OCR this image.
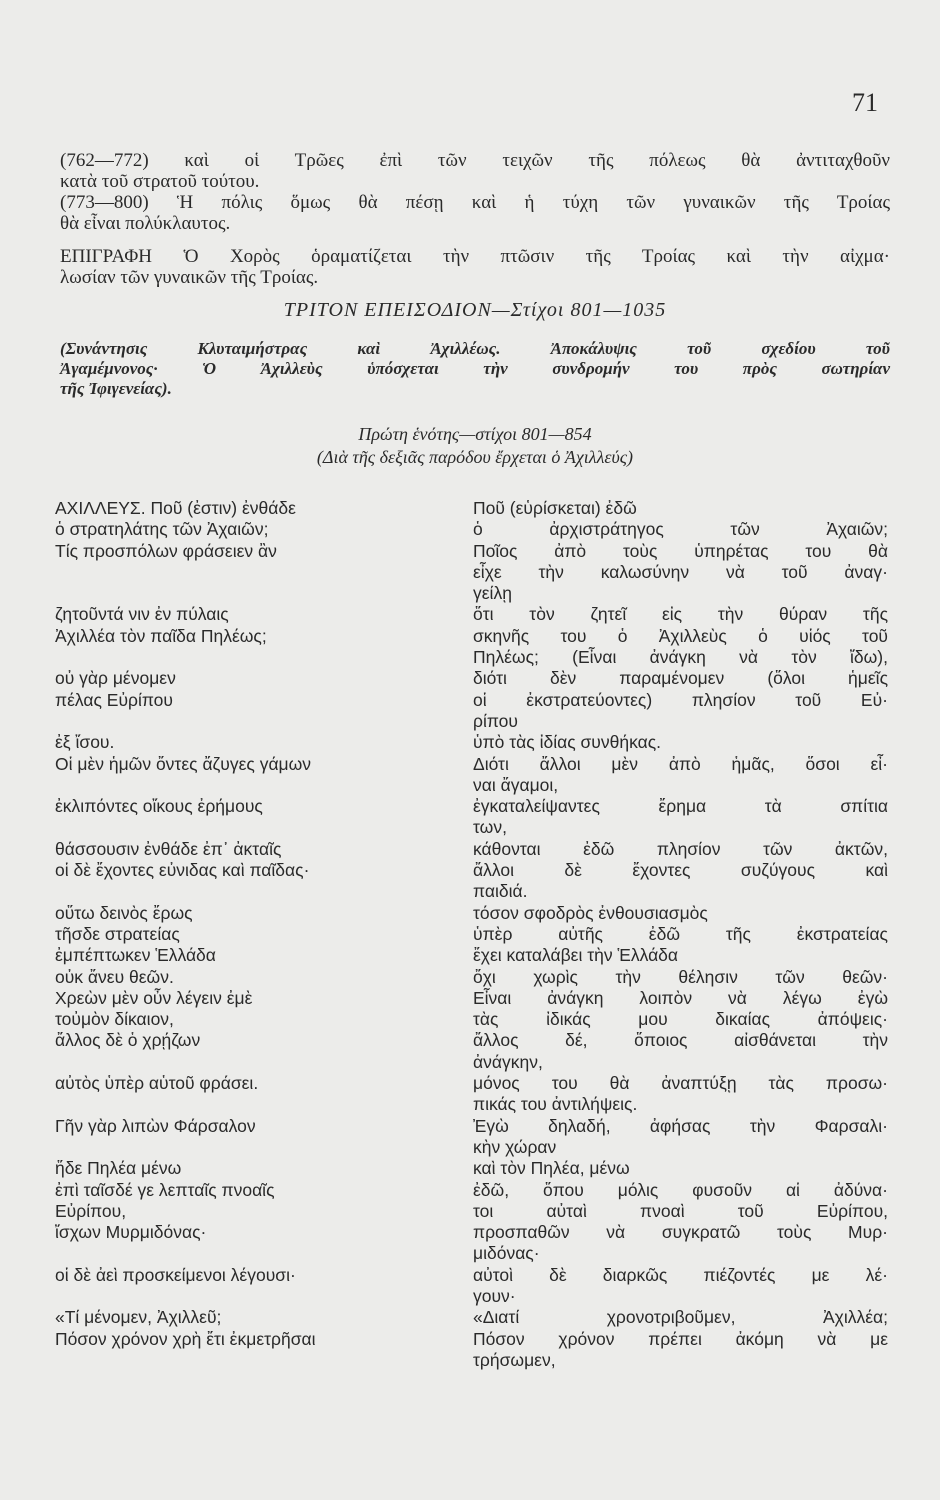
71
(762—772) καὶ οἱ Τρῶες ἐπὶ τῶν τειχῶν τῆς πόλεως θὰ ἀντιταχθοῦν
κατὰ τοῦ στρατοῦ τούτου.
(773—800) Ἡ πόλις ὅμως θὰ πέσῃ καὶ ἡ τύχη τῶν γυναικῶν τῆς Τροίας
θὰ εἶναι πολύκλαυτος.
ΕΠΙΓΡΑΦΗ Ὁ Χορὸς ὁραματίζεται τὴν πτῶσιν τῆς Τροίας καὶ τὴν αἰχμα·
λωσίαν τῶν γυναικῶν τῆς Τροίας.
ΤΡΙΤΟΝ ΕΠΕΙΣΟΔΙΟΝ—Στίχοι 801—1035
(Συνάντησις Κλυταιμήστρας καὶ Ἀχιλλέως. Ἀποκάλυψις τοῦ σχεδίου τοῦ
Ἀγαμέμνονος· Ὁ Ἀχιλλεὺς ὑπόσχεται τὴν συνδρομήν του πρὸς σωτηρίαν
τῆς Ἰφιγενείας).
Πρώτη ἑνότης—στίχοι 801—854
(Διὰ τῆς δεξιᾶς παρόδου ἔρχεται ὁ Ἀχιλλεύς)
ΑΧΙΛΛΕΥΣ. Ποῦ (ἐστιν) ἐνθάδε
ὁ στρατηλάτης τῶν Ἀχαιῶν;
Τίς προσπόλων φράσειεν ἂν
ζητοῦντά νιν ἐν πύλαις
Ἀχιλλέα τὸν παῖδα Πηλέως;
οὐ γὰρ μένομεν
πέλας Εὐρίπου
ἐξ ἴσου.
Οἱ μὲν ἡμῶν ὄντες ἄζυγες γάμων
ἐκλιπόντες οἴκους ἐρήμους
θάσσουσιν ἐνθάδε ἐπ᾽ ἀκταῖς
οἱ δὲ ἔχοντες εὐνιδας καὶ παῖδας·
οὕτω δεινὸς ἔρως
τῆσδε στρατείας
ἐμπέπτωκεν Ἑλλάδα
οὐκ ἄνευ θεῶν.
Χρεὼν μὲν οὖν λέγειν ἐμὲ
τοὐμὸν δίκαιον,
ἄλλος δὲ ὁ χρῄζων
αὐτὸς ὑπὲρ αὑτοῦ φράσει.
Γῆν γὰρ λιπὼν Φάρσαλον
ἥδε Πηλέα μένω
ἐπὶ ταῖσδέ γε λεπταῖς πνοαῖς
Εὐρίπου,
ἴσχων Μυρμιδόνας·
οἱ δὲ ἀεὶ προσκείμενοι λέγουσι·
«Τί μένομεν, Ἀχιλλεῦ;
Πόσον χρόνον χρὴ ἔτι ἐκμετρῆσαι
Ποῦ (εὑρίσκεται) ἐδῶ
ὁ ἀρχιστράτηγος τῶν Ἀχαιῶν;
Ποῖος ἀπὸ τοὺς ὑπηρέτας του θὰ
εἶχε τὴν καλωσύνην νὰ τοῦ ἀναγ·
γείλῃ
ὅτι τὸν ζητεῖ εἰς τὴν θύραν τῆς
σκηνῆς του ὁ Ἀχιλλεὺς ὁ υἱός τοῦ
Πηλέως; (Εἶναι ἀνάγκη νὰ τὸν ἴδω),
διότι δὲν παραμένομεν (ὅλοι ἡμεῖς
οἱ ἐκστρατεύοντες) πλησίον τοῦ Εὐ·
ρίπου
ὑπὸ τὰς ἰδίας συνθήκας.
Διότι ἄλλοι μὲν ἀπὸ ἡμᾶς, ὅσοι εἶ·
ναι ἄγαμοι,
ἐγκαταλείψαντες ἔρημα τὰ σπίτια
των,
κάθονται ἐδῶ πλησίον τῶν ἀκτῶν,
ἄλλοι δὲ ἔχοντες συζύγους καὶ
παιδιά.
τόσον σφοδρὸς ἐνθουσιασμὸς
ὑπὲρ αὐτῆς ἐδῶ τῆς ἐκστρατείας
ἔχει καταλάβει τὴν Ἑλλάδα
ὄχι χωρὶς τὴν θέλησιν τῶν θεῶν·
Εἶναι ἀνάγκη λοιπὸν νὰ λέγω ἐγὼ
τὰς ἰδικάς μου δικαίας ἀπόψεις·
ἄλλος δέ, ὅποιος αἰσθάνεται τὴν
ἀνάγκην,
μόνος του θὰ ἀναπτύξῃ τὰς προσω·
πικάς του ἀντιλήψεις.
Ἐγὼ δηλαδή, ἀφήσας τὴν Φαρσαλι·
κὴν χώραν
καὶ τὸν Πηλέα, μένω
ἐδῶ, ὅπου μόλις φυσοῦν αἱ ἀδύνα·
τοι αὐταὶ πνοαὶ τοῦ Εὐρίπου,
προσπαθῶν νὰ συγκρατῶ τοὺς Μυρ·
μιδόνας·
αὐτοὶ δὲ διαρκῶς πιέζοντές με λέ·
γουν·
«Διατί χρονοτριβοῦμεν, Ἀχιλλέα;
Πόσον χρόνον πρέπει ἀκόμη νὰ με
τρήσωμεν,
